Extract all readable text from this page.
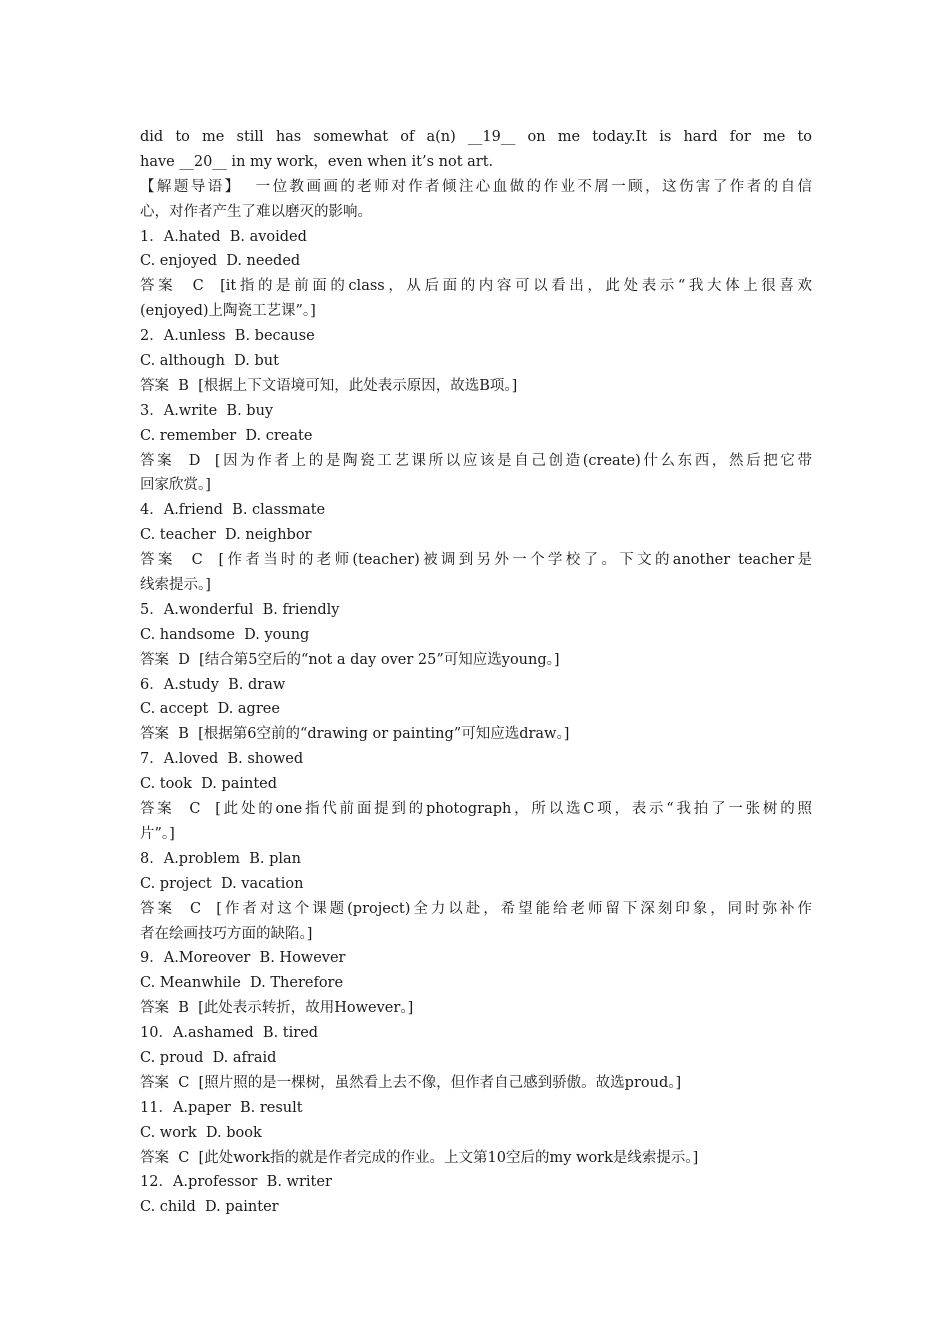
did to me still has somewhat of a(n) __19__ on me today.It is hard for me to
have __20__ in my work，even when it’s not art.
【解题导语】  一位教画画的老师对作者倾注心血做的作业不屑一顾，这伤害了作者的自信
心，对作者产生了难以磨灭的影响。
1．A.hated  B. avoided
C. enjoyed  D. needed
答案  C  [it指的是前面的class，从后面的内容可以看出，此处表示“我大体上很喜欢
(enjoyed)上陶瓷工艺课”。]
2．A.unless  B. because
C. although  D. but
答案  B  [根据上下文语境可知，此处表示原因，故选B项。]
3．A.write  B. buy
C. remember  D. create
答案  D  [因为作者上的是陶瓷工艺课所以应该是自己创造(create)什么东西，然后把它带
回家欣赏。]
4．A.friend  B. classmate
C. teacher  D. neighbor
答案  C  [作者当时的老师(teacher)被调到另外一个学校了。下文的another teacher是
线索提示。]
5．A.wonderful  B. friendly
C. handsome  D. young
答案  D  [结合第5空后的“not a day over 25”可知应选young。]
6．A.study  B. draw
C. accept  D. agree
答案  B  [根据第6空前的“drawing or painting”可知应选draw。]
7．A.loved  B. showed
C. took  D. painted
答案  C  [此处的one指代前面提到的photograph，所以选C项，表示“我拍了一张树的照
片”。]
8．A.problem  B. plan
C. project  D. vacation
答案  C  [作者对这个课题(project)全力以赴，希望能给老师留下深刻印象，同时弥补作
者在绘画技巧方面的缺陷。]
9．A.Moreover  B. However
C. Meanwhile  D. Therefore
答案  B  [此处表示转折，故用However。]
10．A.ashamed  B. tired
C. proud  D. afraid
答案  C  [照片照的是一棵树，虽然看上去不像，但作者自己感到骄傲。故选proud。]
11．A.paper  B. result
C. work  D. book
答案  C  [此处work指的就是作者完成的作业。上文第10空后的my work是线索提示。]
12．A.professor  B. writer
C. child  D. painter
